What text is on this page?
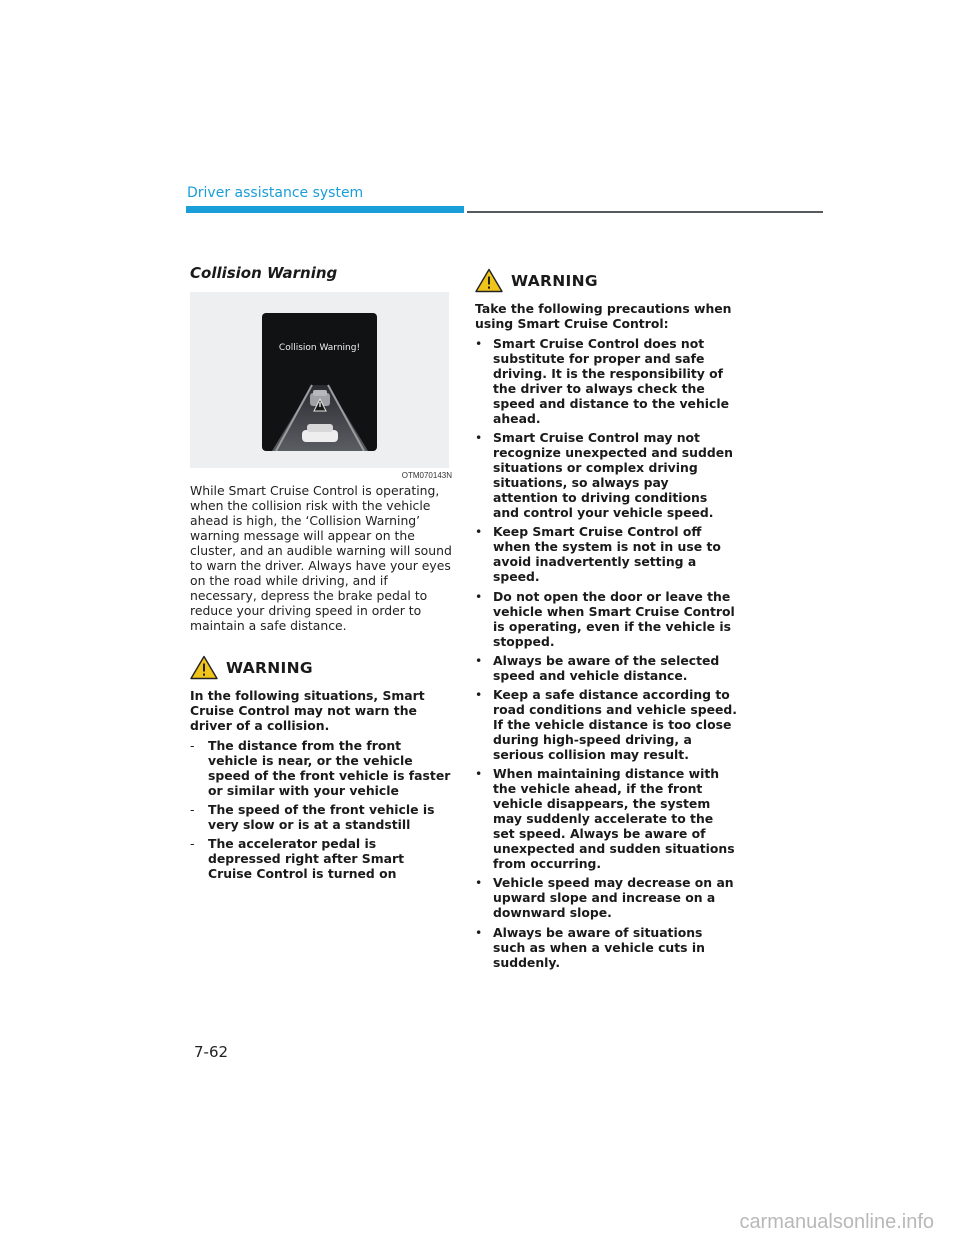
Driver assistance system
Collision Warning
Collision Warning!
OTM070143N

While Smart Cruise Control is operating, when the collision risk with the vehicle ahead is high, the ‘Collision Warning’ warning message will appear on the cluster, and an audible warning will sound to warn the driver. Always have your eyes on the road while driving, and if necessary, depress the brake pedal to reduce your driving speed in order to maintain a safe distance.

WARNING

In the following situations, Smart Cruise Control may not warn the driver of a collision.

- The distance from the front vehicle is near, or the vehicle speed of the front vehicle is faster or similar with your vehicle
- The speed of the front vehicle is very slow or is at a standstill
- The accelerator pedal is depressed right after Smart Cruise Control is turned on
WARNING

Take the following precautions when using Smart Cruise Control:

• Smart Cruise Control does not substitute for proper and safe driving. It is the responsibility of the driver to always check the speed and distance to the vehicle ahead.
• Smart Cruise Control may not recognize unexpected and sudden situations or complex driving situations, so always pay attention to driving conditions and control your vehicle speed.
• Keep Smart Cruise Control off when the system is not in use to avoid inadvertently setting a speed.
• Do not open the door or leave the vehicle when Smart Cruise Control is operating, even if the vehicle is stopped.
• Always be aware of the selected speed and vehicle distance.
• Keep a safe distance according to road conditions and vehicle speed. If the vehicle distance is too close during high-speed driving, a serious collision may result.
• When maintaining distance with the vehicle ahead, if the front vehicle disappears, the system may suddenly accelerate to the set speed. Always be aware of unexpected and sudden situations from occurring.
• Vehicle speed may decrease on an upward slope and increase on a downward slope.
• Always be aware of situations such as when a vehicle cuts in suddenly.
7-62
carmanualsonline.info
